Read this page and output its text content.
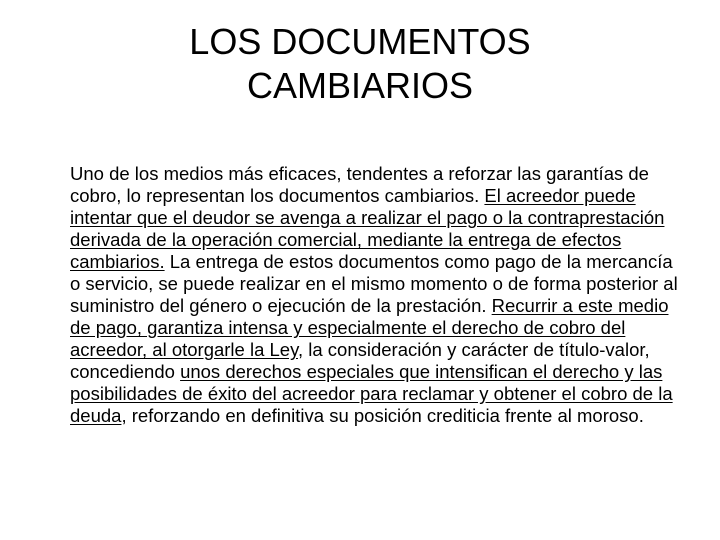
LOS DOCUMENTOS
CAMBIARIOS

Uno de los medios más eficaces, tendentes a reforzar las garantías de cobro, lo representan los documentos cambiarios. El acreedor puede intentar que el deudor se avenga a realizar el pago o la contraprestación derivada de la operación comercial, mediante la entrega de efectos cambiarios. La entrega de estos documentos como pago de la mercancía o servicio, se puede realizar en el mismo momento o de forma posterior al suministro del género o ejecución de la prestación. Recurrir a este medio de pago, garantiza intensa y especialmente el derecho de cobro del acreedor, al otorgarle la Ley, la consideración y carácter de título-valor, concediendo unos derechos especiales que intensifican el derecho y las posibilidades de éxito del acreedor para reclamar y obtener el cobro de la deuda, reforzando en definitiva su posición crediticia frente al moroso.
